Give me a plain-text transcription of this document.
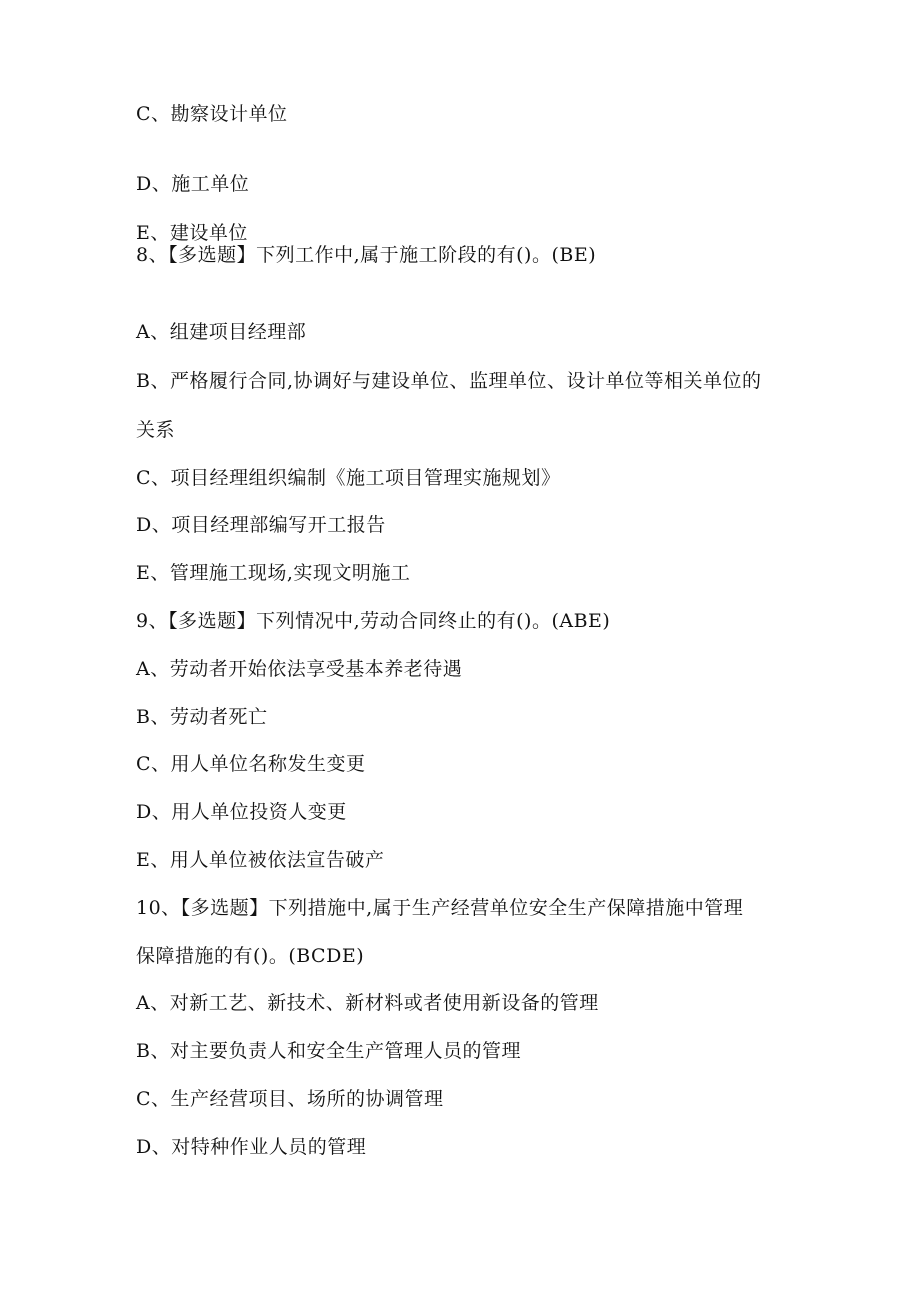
C、勘察设计单位
D、施工单位
E、建设单位
8、【多选题】下列工作中,属于施工阶段的有()。(BE)
A、组建项目经理部
B、严格履行合同,协调好与建设单位、监理单位、设计单位等相关单位的
关系
C、项目经理组织编制《施工项目管理实施规划》
D、项目经理部编写开工报告
E、管理施工现场,实现文明施工
9、【多选题】下列情况中,劳动合同终止的有()。(ABE)
A、劳动者开始依法享受基本养老待遇
B、劳动者死亡
C、用人单位名称发生变更
D、用人单位投资人变更
E、用人单位被依法宣告破产
10、【多选题】下列措施中,属于生产经营单位安全生产保障措施中管理
保障措施的有()。(BCDE)
A、对新工艺、新技术、新材料或者使用新设备的管理
B、对主要负责人和安全生产管理人员的管理
C、生产经营项目、场所的协调管理
D、对特种作业人员的管理
